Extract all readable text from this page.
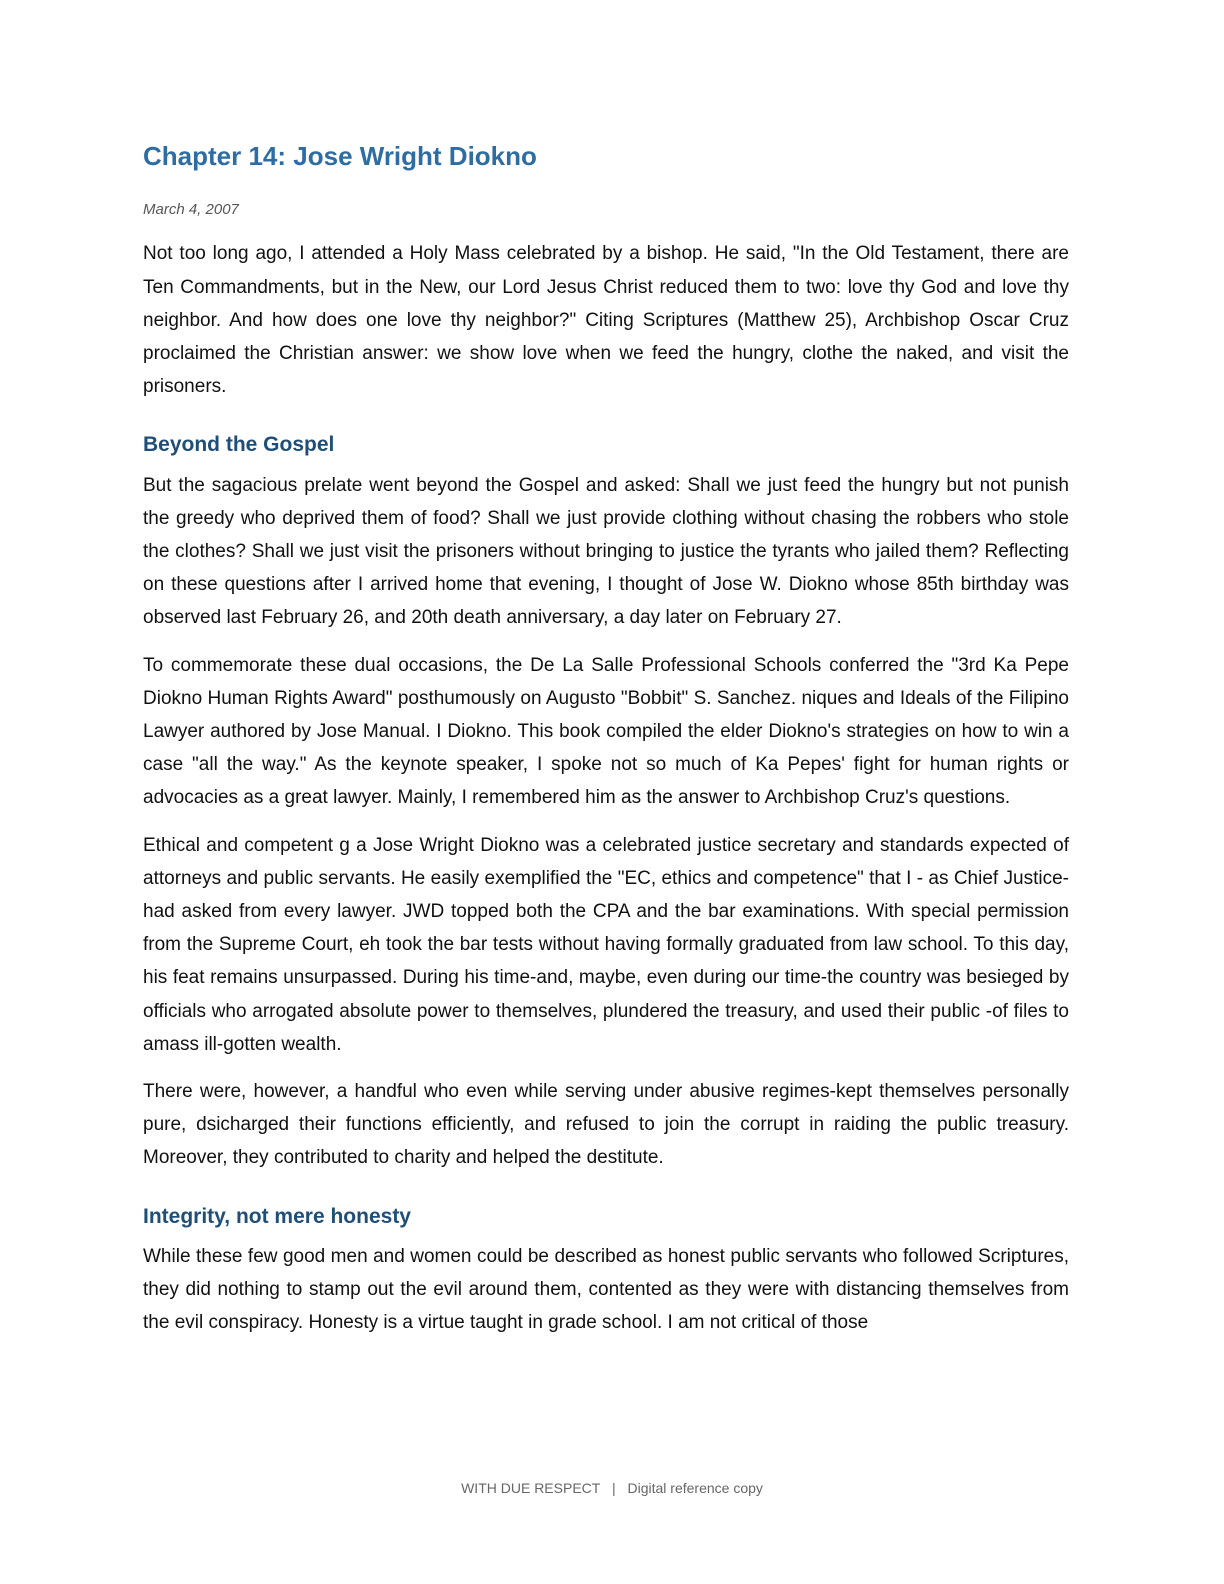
Chapter 14: Jose Wright Diokno
March 4, 2007

Not too long ago, I attended a Holy Mass celebrated by a bishop. He said, "In the Old Testament, there are Ten Commandments, but in the New, our Lord Jesus Christ reduced them to two: love thy God and love thy neighbor. And how does one love thy neighbor?" Citing Scriptures (Matthew 25), Archbishop Oscar Cruz proclaimed the Christian answer: we show love when we feed the hungry, clothe the naked, and visit the prisoners.

Beyond the Gospel

But the sagacious prelate went beyond the Gospel and asked: Shall we just feed the hungry but not punish the greedy who deprived them of food? Shall we just provide clothing without chasing the robbers who stole the clothes? Shall we just visit the prisoners without bringing to justice the tyrants who jailed them? Reflecting on these questions after I arrived home that evening, I thought of Jose W. Diokno whose 85th birthday was observed last February 26, and 20th death anniversary, a day later on February 27.

To commemorate these dual occasions, the De La Salle Professional Schools conferred the "3rd Ka Pepe Diokno Human Rights Award" posthumously on Augusto "Bobbit" S. Sanchez. niques and Ideals of the Filipino Lawyer authored by Jose Manual. I Diokno. This book compiled the elder Diokno's strategies on how to win a case "all the way." As the keynote speaker, I spoke not so much of Ka Pepes' fight for human rights or advocacies as a great lawyer. Mainly, I remembered him as the answer to Archbishop Cruz's questions.

Ethical and competent g a Jose Wright Diokno was a celebrated justice secretary and standards expected of attorneys and public servants. He easily exemplified the "EC, ethics and competence" that I - as Chief Justice-had asked from every lawyer. JWD topped both the CPA and the bar examinations. With special permission from the Supreme Court, eh took the bar tests without having formally graduated from law school. To this day, his feat remains unsurpassed. During his time-and, maybe, even during our time-the country was besieged by officials who arrogated absolute power to themselves, plundered the treasury, and used their public -of files to amass ill-gotten wealth.

There were, however, a handful who even while serving under abusive regimes-kept themselves personally pure, dsicharged their functions efficiently, and refused to join the corrupt in raiding the public treasury. Moreover, they contributed to charity and helped the destitute.

Integrity, not mere honesty

While these few good men and women could be described as honest public servants who followed Scriptures, they did nothing to stamp out the evil around them, contented as they were with distancing themselves from the evil conspiracy. Honesty is a virtue taught in grade school. I am not critical of those

WITH DUE RESPECT | Digital reference copy
